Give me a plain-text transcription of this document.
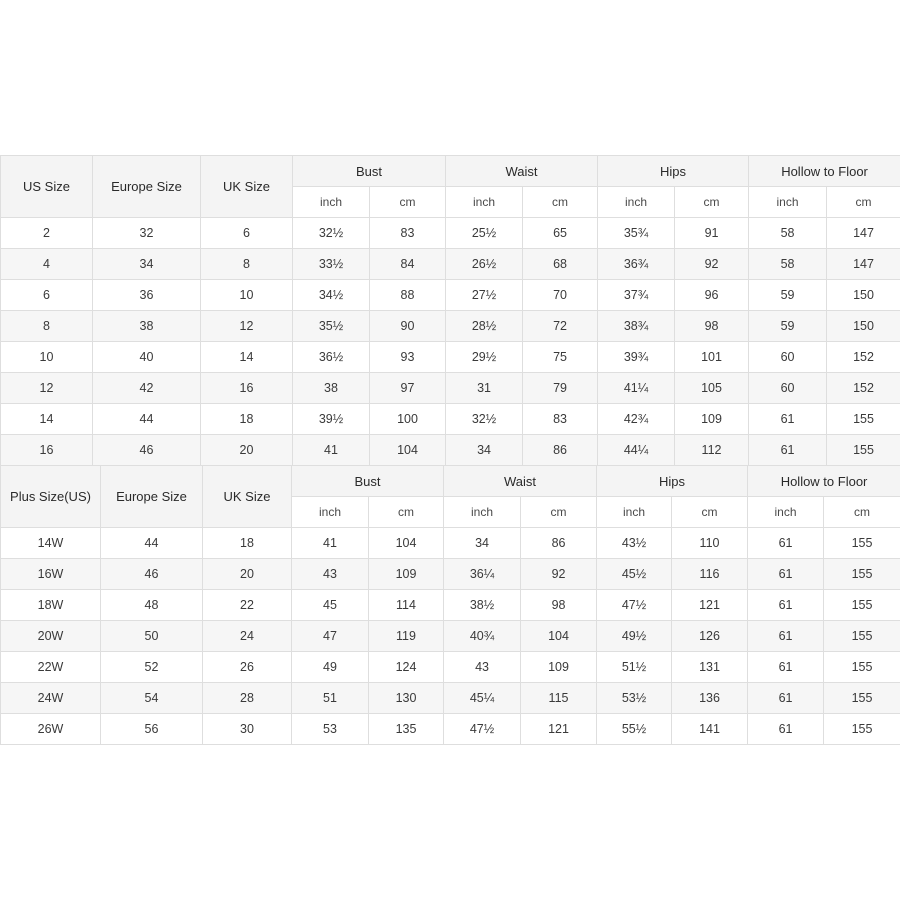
US Size	Europe Size	UK Size	Bust		Waist		Hips		Hollow to Floor	
			inch	cm	inch	cm	inch	cm	inch	cm
2	32	6	32½	83	25½	65	35¾	91	58	147
4	34	8	33½	84	26½	68	36¾	92	58	147
6	36	10	34½	88	27½	70	37¾	96	59	150
8	38	12	35½	90	28½	72	38¾	98	59	150
10	40	14	36½	93	29½	75	39¾	101	60	152
12	42	16	38	97	31	79	41¼	105	60	152
14	44	18	39½	100	32½	83	42¾	109	61	155
16	46	20	41	104	34	86	44¼	112	61	155
Plus Size(US)	Europe Size	UK Size	Bust		Waist		Hips		Hollow to Floor	
			inch	cm	inch	cm	inch	cm	inch	cm
14W	44	18	41	104	34	86	43½	110	61	155
16W	46	20	43	109	36¼	92	45½	116	61	155
18W	48	22	45	114	38½	98	47½	121	61	155
20W	50	24	47	119	40¾	104	49½	126	61	155
22W	52	26	49	124	43	109	51½	131	61	155
24W	54	28	51	130	45¼	115	53½	136	61	155
26W	56	30	53	135	47½	121	55½	141	61	155
